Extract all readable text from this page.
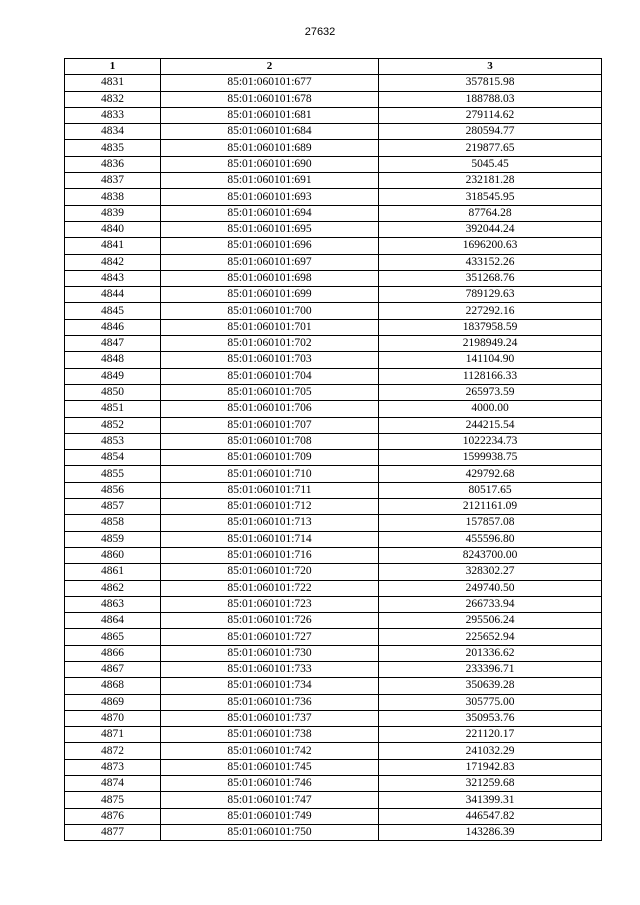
27632
1	2	3
4831	85:01:060101:677	357815.98
4832	85:01:060101:678	188788.03
4833	85:01:060101:681	279114.62
4834	85:01:060101:684	280594.77
4835	85:01:060101:689	219877.65
4836	85:01:060101:690	5045.45
4837	85:01:060101:691	232181.28
4838	85:01:060101:693	318545.95
4839	85:01:060101:694	87764.28
4840	85:01:060101:695	392044.24
4841	85:01:060101:696	1696200.63
4842	85:01:060101:697	433152.26
4843	85:01:060101:698	351268.76
4844	85:01:060101:699	789129.63
4845	85:01:060101:700	227292.16
4846	85:01:060101:701	1837958.59
4847	85:01:060101:702	2198949.24
4848	85:01:060101:703	141104.90
4849	85:01:060101:704	1128166.33
4850	85:01:060101:705	265973.59
4851	85:01:060101:706	4000.00
4852	85:01:060101:707	244215.54
4853	85:01:060101:708	1022234.73
4854	85:01:060101:709	1599938.75
4855	85:01:060101:710	429792.68
4856	85:01:060101:711	80517.65
4857	85:01:060101:712	2121161.09
4858	85:01:060101:713	157857.08
4859	85:01:060101:714	455596.80
4860	85:01:060101:716	8243700.00
4861	85:01:060101:720	328302.27
4862	85:01:060101:722	249740.50
4863	85:01:060101:723	266733.94
4864	85:01:060101:726	295506.24
4865	85:01:060101:727	225652.94
4866	85:01:060101:730	201336.62
4867	85:01:060101:733	233396.71
4868	85:01:060101:734	350639.28
4869	85:01:060101:736	305775.00
4870	85:01:060101:737	350953.76
4871	85:01:060101:738	221120.17
4872	85:01:060101:742	241032.29
4873	85:01:060101:745	171942.83
4874	85:01:060101:746	321259.68
4875	85:01:060101:747	341399.31
4876	85:01:060101:749	446547.82
4877	85:01:060101:750	143286.39
